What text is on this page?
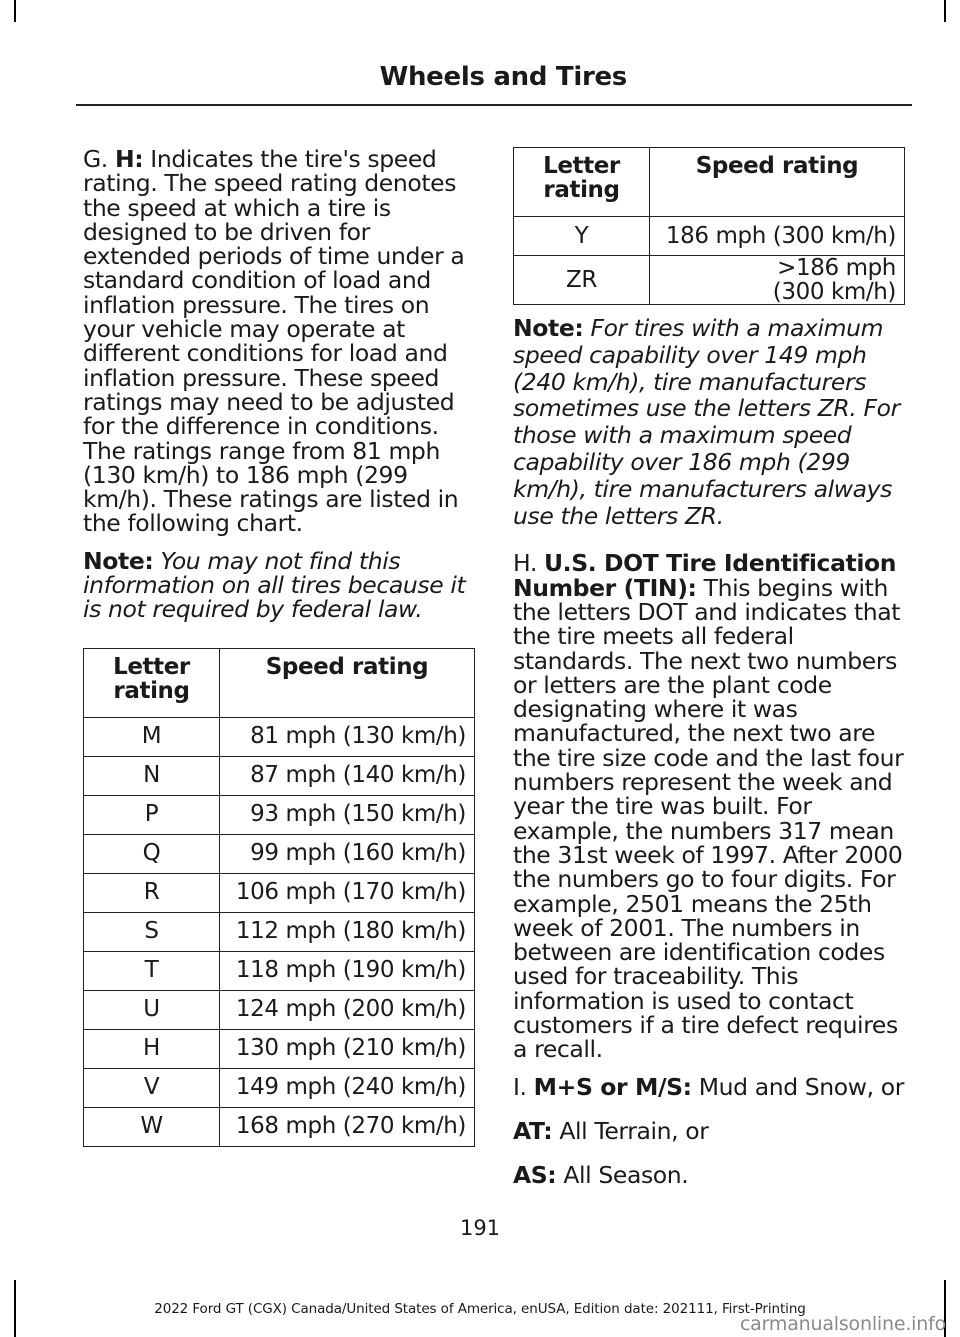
Wheels and Tires

G. H: Indicates the tire's speed rating. The speed rating denotes the speed at which a tire is designed to be driven for extended periods of time under a standard condition of load and inflation pressure. The tires on your vehicle may operate at different conditions for load and inflation pressure. These speed ratings may need to be adjusted for the difference in conditions. The ratings range from 81 mph (130 km/h) to 186 mph (299 km/h). These ratings are listed in the following chart.

Note: You may not find this information on all tires because it is not required by federal law.

Letter rating	Speed rating
M	81 mph (130 km/h)
N	87 mph (140 km/h)
P	93 mph (150 km/h)
Q	99 mph (160 km/h)
R	106 mph (170 km/h)
S	112 mph (180 km/h)
T	118 mph (190 km/h)
U	124 mph (200 km/h)
H	130 mph (210 km/h)
V	149 mph (240 km/h)
W	168 mph (270 km/h)
Letter rating	Speed rating
Y	186 mph (300 km/h)
ZR	>186 mph
(300 km/h)

Note: For tires with a maximum speed capability over 149 mph (240 km/h), tire manufacturers sometimes use the letters ZR. For those with a maximum speed capability over 186 mph (299 km/h), tire manufacturers always use the letters ZR.

H. U.S. DOT Tire Identification Number (TIN): This begins with the letters DOT and indicates that the tire meets all federal standards. The next two numbers or letters are the plant code designating where it was manufactured, the next two are the tire size code and the last four numbers represent the week and year the tire was built. For example, the numbers 317 mean the 31st week of 1997. After 2000 the numbers go to four digits. For example, 2501 means the 25th week of 2001. The numbers in between are identification codes used for traceability. This information is used to contact customers if a tire defect requires a recall.

I. M+S or M/S: Mud and Snow, or

AT: All Terrain, or

AS: All Season.

191
2022 Ford GT (CGX) Canada/United States of America, enUSA, Edition date: 202111, First-Printing
carmanualsonline.info
